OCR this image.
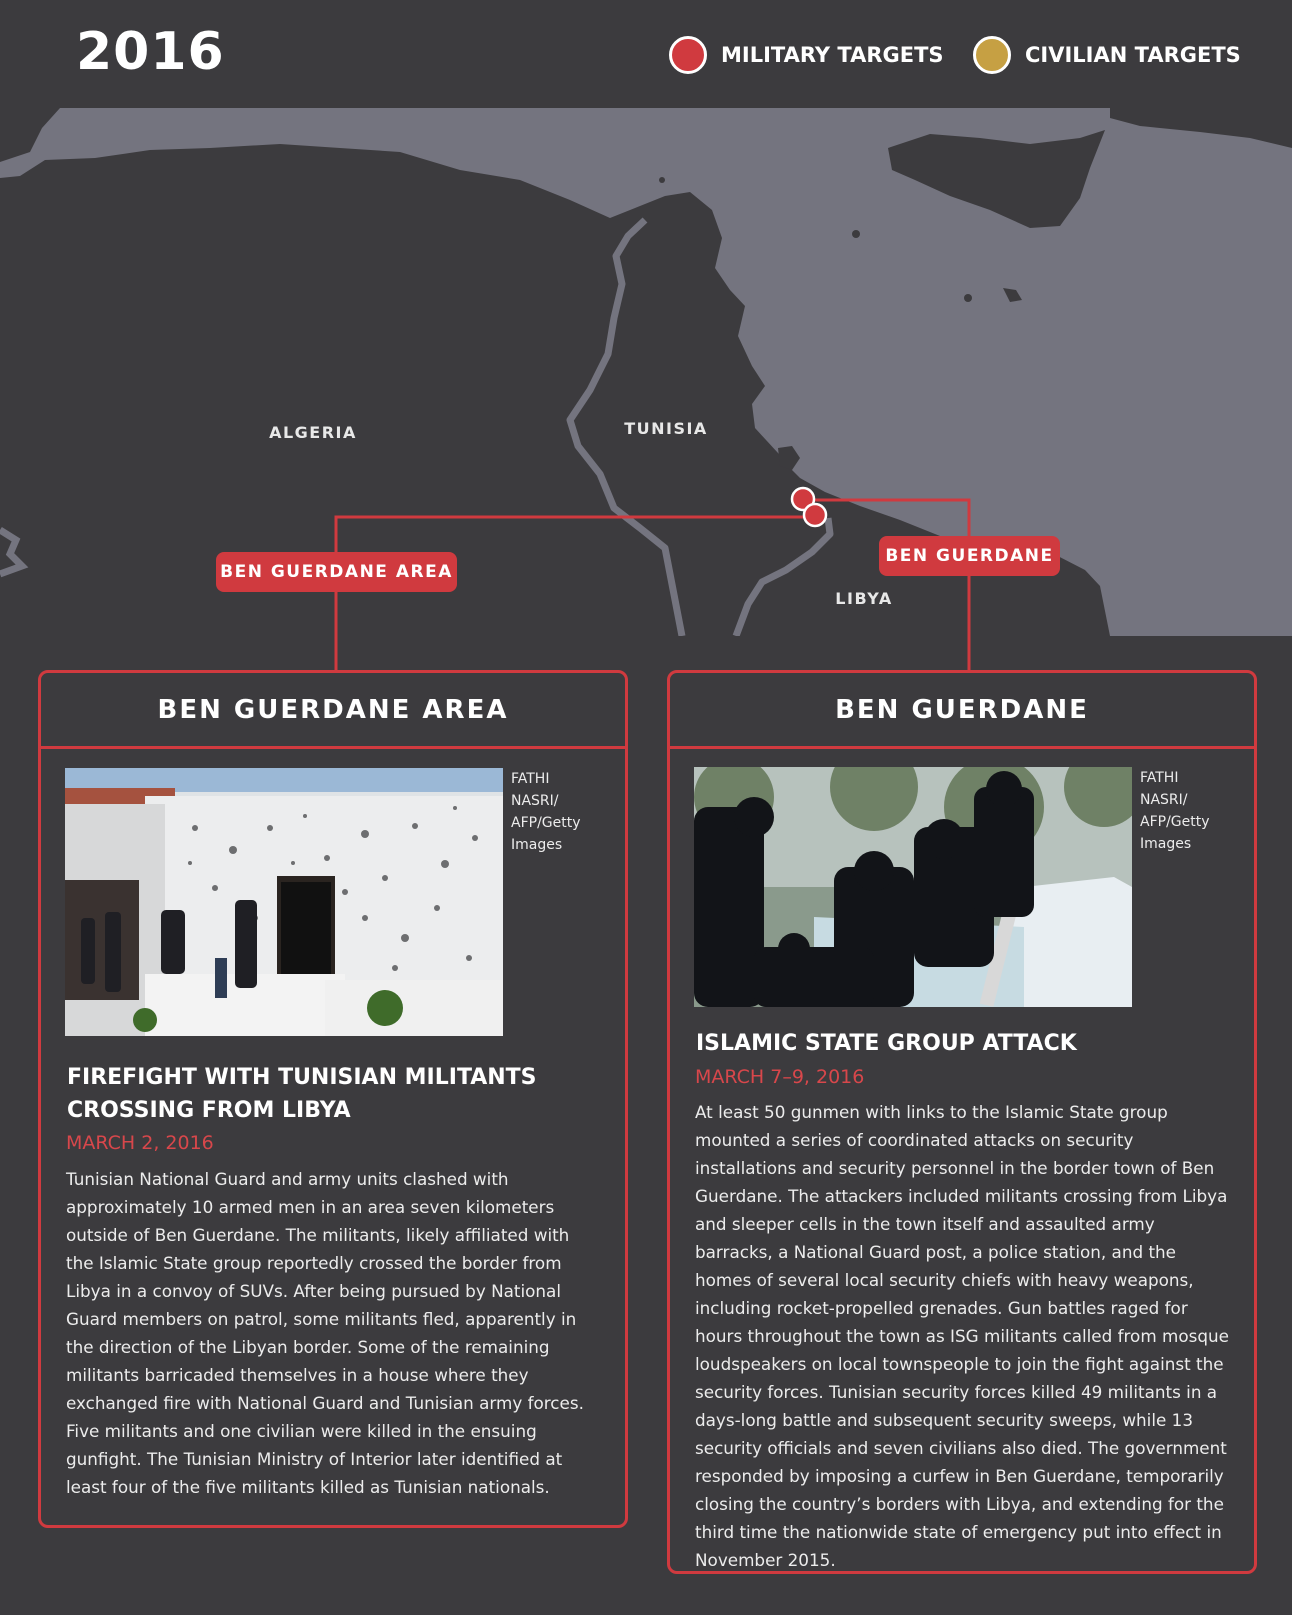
2016	MILITARY TARGETS	CIVILIAN TARGETS
ALGERIA	TUNISIA
LIBYA
BEN GUERDANE AREA
BEN GUERDANE
BEN GUERDANE AREA
FATHI NASRI/ AFP/Getty Images
FIREFIGHT WITH TUNISIAN MILITANTS CROSSING FROM LIBYA
MARCH 2, 2016
Tunisian National Guard and army units clashed with approximately 10 armed men in an area seven kilometers outside of Ben Guerdane. The militants, likely affiliated with the Islamic State group reportedly crossed the border from Libya in a convoy of SUVs. After being pursued by National Guard members on patrol, some militants fled, apparently in the direction of the Libyan border. Some of the remaining militants barricaded themselves in a house where they exchanged fire with National Guard and Tunisian army forces. Five militants and one civilian were killed in the ensuing gunfight. The Tunisian Ministry of Interior later identified at least four of the five militants killed as Tunisian nationals.
BEN GUERDANE
FATHI NASRI/ AFP/Getty Images
ISLAMIC STATE GROUP ATTACK
MARCH 7–9, 2016
At least 50 gunmen with links to the Islamic State group mounted a series of coordinated attacks on security installations and security personnel in the border town of Ben Guerdane. The attackers included militants crossing from Libya and sleeper cells in the town itself and assaulted army barracks, a National Guard post, a police station, and the homes of several local security chiefs with heavy weapons, including rocket-propelled grenades. Gun battles raged for hours throughout the town as ISG militants called from mosque loudspeakers on local townspeople to join the fight against the security forces. Tunisian security forces killed 49 militants in a days-long battle and subsequent security sweeps, while 13 security officials and seven civilians also died. The government responded by imposing a curfew in Ben Guerdane, temporarily closing the country’s borders with Libya, and extending for the third time the nationwide state of emergency put into effect in November 2015.
